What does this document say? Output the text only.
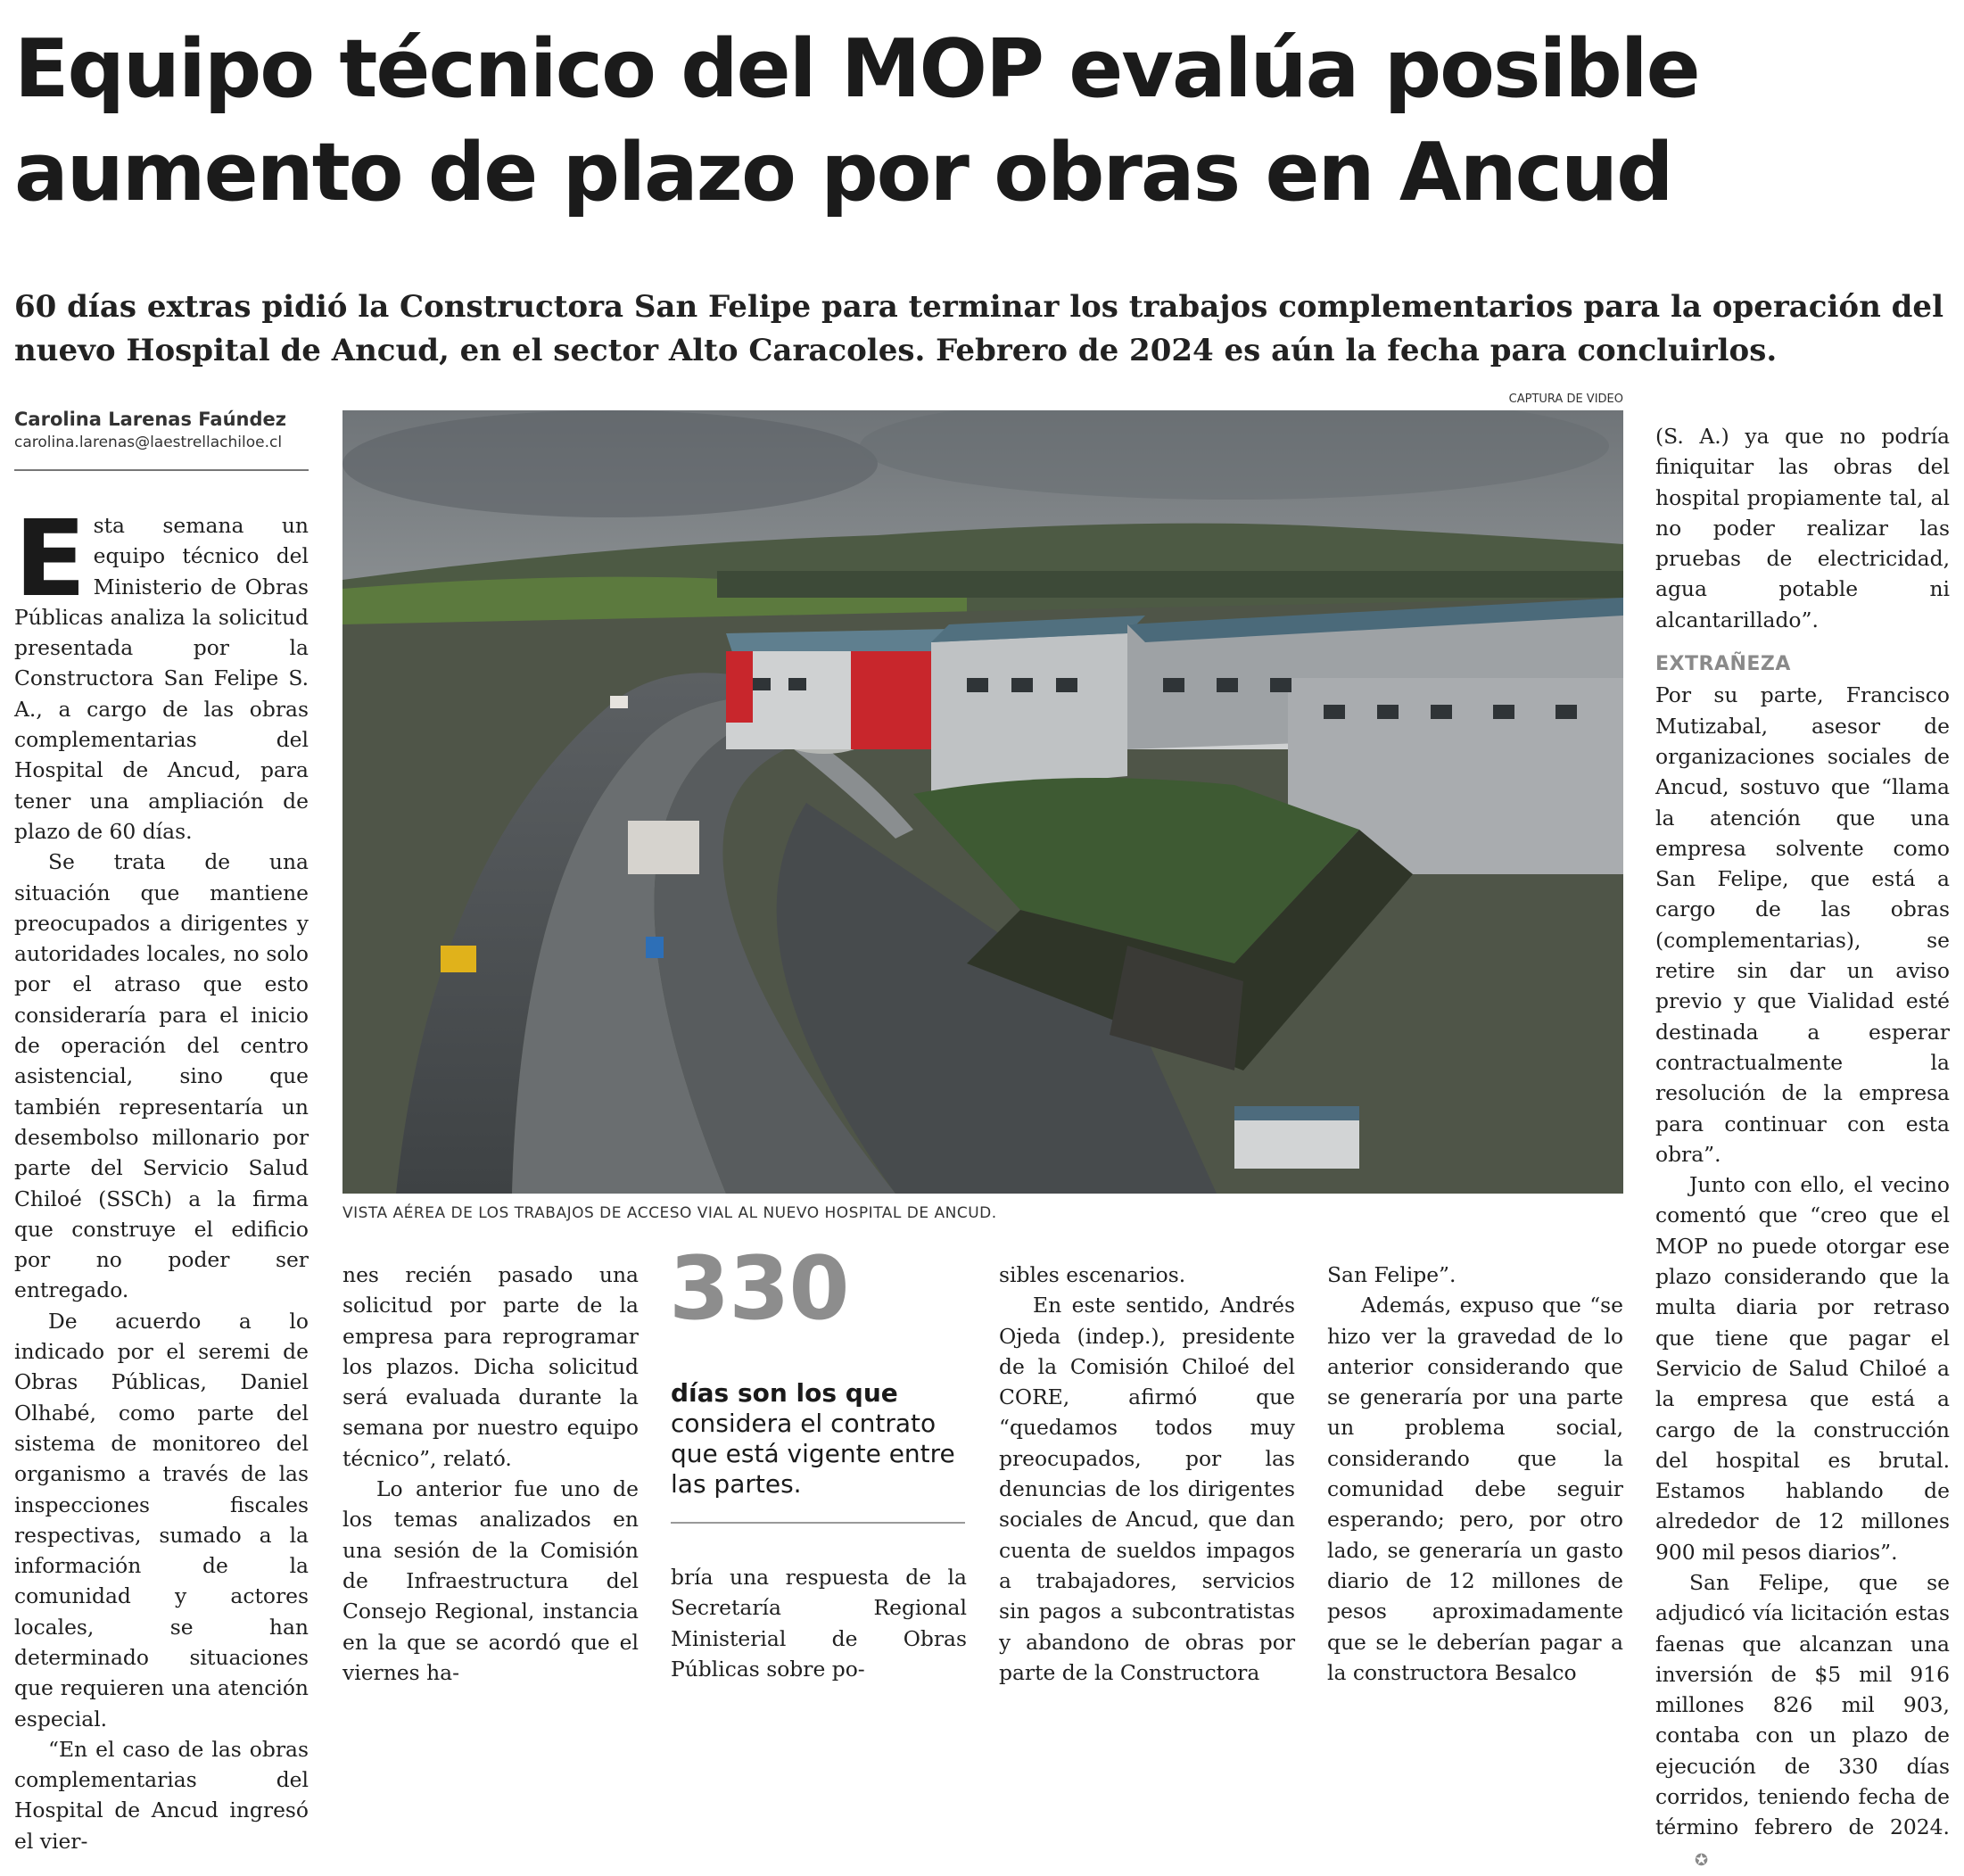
Equipo técnico del MOP evalúa posible aumento de plazo por obras en Ancud

60 días extras pidió la Constructora San Felipe para terminar los trabajos complementarios para la operación del nuevo Hospital de Ancud, en el sector Alto Caracoles. Febrero de 2024 es aún la fecha para concluirlos.

Carolina Larenas Faúndez
carolina.larenas@laestrellachiloe.cl
CAPTURA DE VIDEO
VISTA AÉREA DE LOS TRABAJOS DE ACCESO VIAL AL NUEVO HOSPITAL DE ANCUD.

Esta semana un equipo técnico del Ministerio de Obras Públicas analiza la solicitud presentada por la Constructora San Felipe S. A., a cargo de las obras complementarias del Hospital de Ancud, para tener una ampliación de plazo de 60 días.

Se trata de una situación que mantiene preocupados a dirigentes y autoridades locales, no solo por el atraso que esto consideraría para el inicio de operación del centro asistencial, sino que también representaría un desembolso millonario por parte del Servicio Salud Chiloé (SSCh) a la firma que construye el edificio por no poder ser entregado.

De acuerdo a lo indicado por el seremi de Obras Públicas, Daniel Olhabé, como parte del sistema de monitoreo del organismo a través de las inspecciones fiscales respectivas, sumado a la información de la comunidad y actores locales, se han determinado situaciones que requieren una atención especial.

“En el caso de las obras complementarias del Hospital de Ancud ingresó el vier-

nes recién pasado una solicitud por parte de la empresa para reprogramar los plazos. Dicha solicitud será evaluada durante la semana por nuestro equipo técnico”, relató.

Lo anterior fue uno de los temas analizados en una sesión de la Comisión de Infraestructura del Consejo Regional, instancia en la que se acordó que el viernes ha-

330
días son los que considera el contrato que está vigente entre las partes.

bría una respuesta de la Secretaría Regional Ministerial de Obras Públicas sobre po-

sibles escenarios.

En este sentido, Andrés Ojeda (indep.), presidente de la Comisión Chiloé del CORE, afirmó que “quedamos todos muy preocupados, por las denuncias de los dirigentes sociales de Ancud, que dan cuenta de sueldos impagos a trabajadores, servicios sin pagos a subcontratistas y abandono de obras por parte de la Constructora

San Felipe”.

Además, expuso que “se hizo ver la gravedad de lo anterior considerando que se generaría por una parte un problema social, considerando que la comunidad debe seguir esperando; pero, por otro lado, se generaría un gasto diario de 12 millones de pesos aproximadamente que se le deberían pagar a la constructora Besalco

(S. A.) ya que no podría finiquitar las obras del hospital propiamente tal, al no poder realizar las pruebas de electricidad, agua potable ni alcantarillado”.

EXTRAÑEZA

Por su parte, Francisco Mutizabal, asesor de organizaciones sociales de Ancud, sostuvo que “llama la atención que una empresa solvente como San Felipe, que está a cargo de las obras (complementarias), se retire sin dar un aviso previo y que Vialidad esté destinada a esperar contractualmente la resolución de la empresa para continuar con esta obra”.

Junto con ello, el vecino comentó que “creo que el MOP no puede otorgar ese plazo considerando que la multa diaria por retraso que tiene que pagar el Servicio de Salud Chiloé a la empresa que está a cargo de la construcción del hospital es brutal. Estamos hablando de alrededor de 12 millones 900 mil pesos diarios”.

San Felipe, que se adjudicó vía licitación estas faenas que alcanzan una inversión de $5 mil 916 millones 826 mil 903, contaba con un plazo de ejecución de 330 días corridos, teniendo fecha de término febrero de 2024.✪
